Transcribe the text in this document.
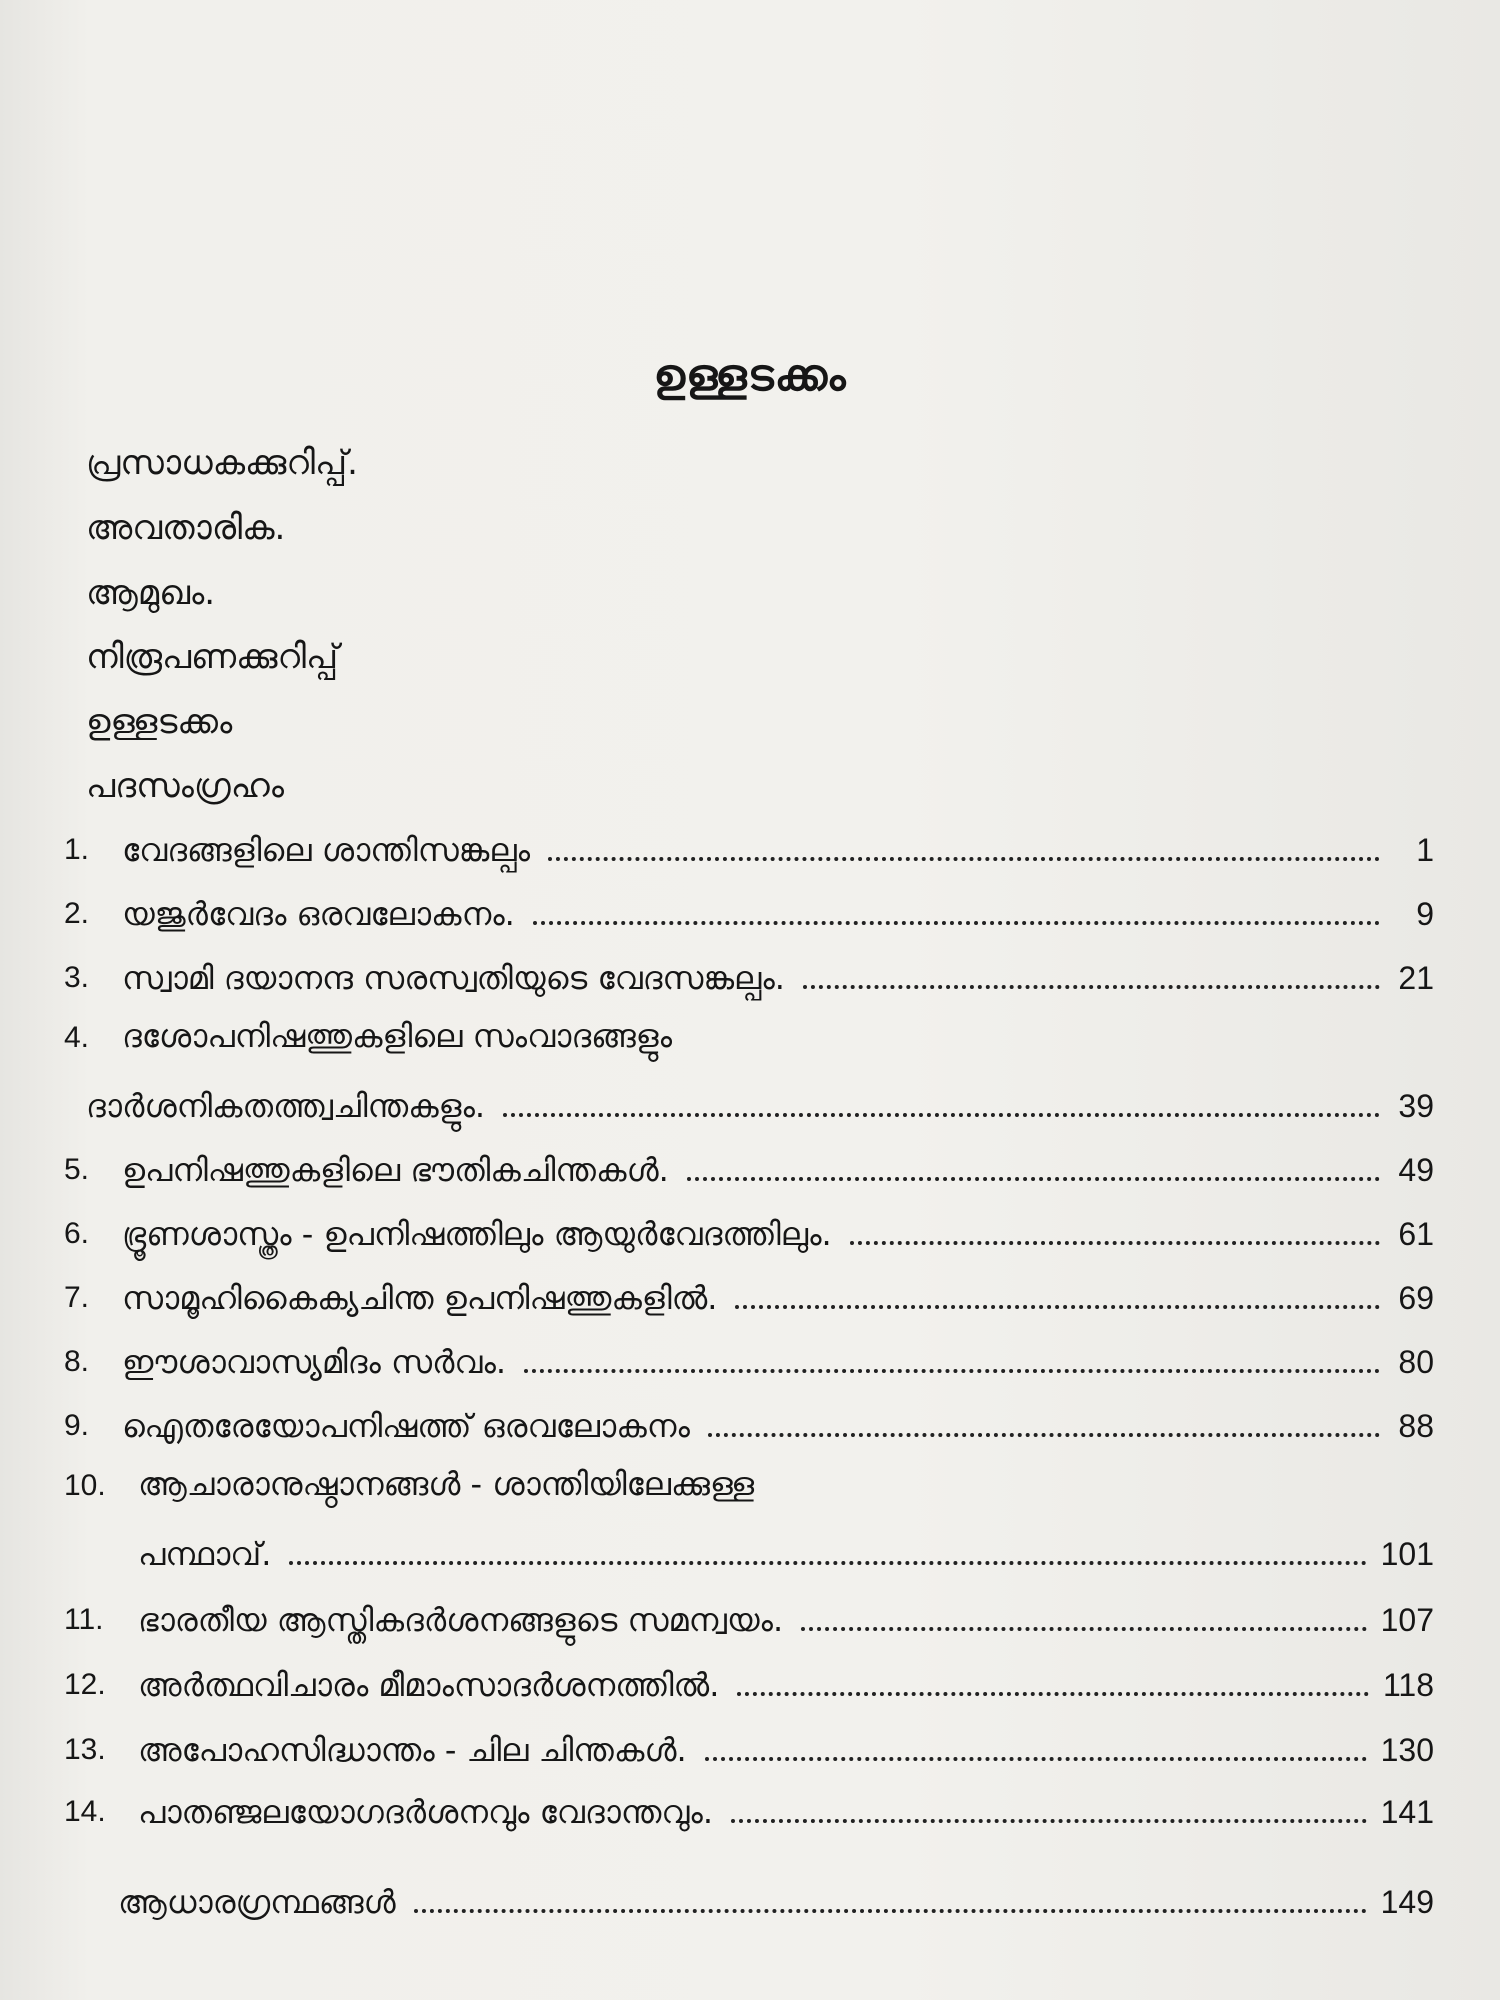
ഉള്ളടക്കം
പ്രസാധകക്കുറിപ്പ്.
അവതാരിക.
ആമുഖം.
നിരൂപണക്കുറിപ്പ്
ഉള്ളടക്കം
പദസംഗ്രഹം
1.	വേദങ്ങളിലെ ശാന്തിസങ്കല്പം	1
2.	യജുർവേദം ഒരവലോകനം.	9
3.	സ്വാമി ദയാനന്ദ സരസ്വതിയുടെ വേദസങ്കല്പം.	21
4. ദശോപനിഷത്തുകളിലെ സംവാദങ്ങളും
ദാർശനികതത്ത്വചിന്തകളും.	39
5.	ഉപനിഷത്തുകളിലെ ഭൗതികചിന്തകൾ.	49
6.	ഭ്രൂണശാസ്ത്രം - ഉപനിഷത്തിലും ആയുർവേദത്തിലും.	61
7.	സാമൂഹികൈക്യചിന്ത ഉപനിഷത്തുകളിൽ.	69
8.	ഈശാവാസ്യമിദം സർവം.	80
9.	ഐതരേയോപനിഷത്ത് ഒരവലോകനം	88
10. ആചാരാനുഷ്ഠാനങ്ങൾ - ശാന്തിയിലേക്കുള്ള
പന്ഥാവ്.	101
11.	ഭാരതീയ ആസ്തികദർശനങ്ങളുടെ സമന്വയം.	107
12.	അർത്ഥവിചാരം മീമാംസാദർശനത്തിൽ.	118
13.	അപോഹസിദ്ധാന്തം - ചില ചിന്തകൾ.	130
14.	പാതഞ്ജലയോഗദർശനവും വേദാന്തവും.	141
ആധാരഗ്രന്ഥങ്ങൾ	149
